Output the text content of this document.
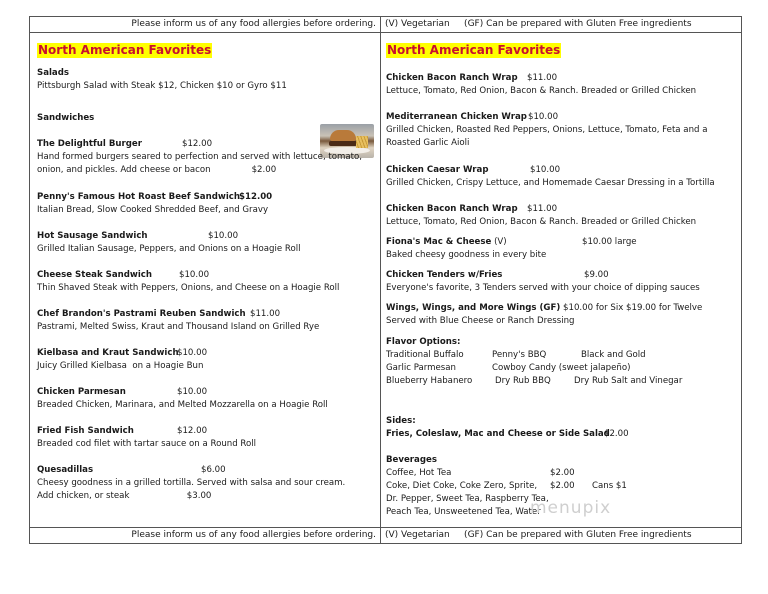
Please inform us of any food allergies before ordering.	(V) Vegetarian     (GF) Can be prepared with Gluten Free ingredients
North American Favorites
Salads
Pittsburgh Salad with Steak $12, Chicken $10 or Gyro $11
Sandwiches
The Delightful Burger	$12.00
Hand formed burgers seared to perfection and served with lettuce, tomato,
onion, and pickles. Add cheese or bacon               $2.00
Penny's Famous Hot Roast Beef Sandwich $12.00
Italian Bread, Slow Cooked Shredded Beef, and Gravy
Hot Sausage Sandwich	$10.00
Grilled Italian Sausage, Peppers, and Onions on a Hoagie Roll
Cheese Steak Sandwich	$10.00
Thin Shaved Steak with Peppers, Onions, and Cheese on a Hoagie Roll
Chef Brandon's Pastrami Reuben Sandwich $11.00
Pastrami, Melted Swiss, Kraut and Thousand Island on Grilled Rye
Kielbasa and Kraut Sandwich
$10.00
Juicy Grilled Kielbasa  on a Hoagie Bun
Chicken Parmesan	$10.00
Breaded Chicken, Marinara, and Melted Mozzarella on a Hoagie Roll
Fried Fish Sandwich	$12.00
Breaded cod filet with tartar sauce on a Round Roll
Quesadillas	$6.00
Cheesy goodness in a grilled tortilla. Served with salsa and sour cream.
Add chicken, or steak                     $3.00
North American Favorites
Chicken Bacon Ranch Wrap $11.00
Lettuce, Tomato, Red Onion, Bacon & Ranch. Breaded or Grilled Chicken
Mediterranean Chicken Wrap $10.00
Grilled Chicken, Roasted Red Peppers, Onions, Lettuce, Tomato, Feta and a
Roasted Garlic Aioli
Chicken Caesar Wrap	$10.00
Grilled Chicken, Crispy Lettuce, and Homemade Caesar Dressing in a Tortilla
Chicken Bacon Ranch Wrap $11.00
Lettuce, Tomato, Red Onion, Bacon & Ranch. Breaded or Grilled Chicken
Fiona's Mac & Cheese (V)	$10.00 large
Baked cheesy goodness in every bite
Chicken Tenders w/Fries	$9.00
Everyone's favorite, 3 Tenders served with your choice of dipping sauces
Wings, Wings, and More Wings (GF) $10.00 for Six $19.00 for Twelve
Served with Blue Cheese or Ranch Dressing
Flavor Options:
Traditional Buffalo	Penny's BBQ	Black and Gold
Garlic Parmesan	Cowboy Candy (sweet jalapeño)
Blueberry Habanero	Dry Rub BBQ	Dry Rub Salt and Vinegar
Sides:
Fries, Coleslaw, Mac and Cheese or Side Salad
$2.00
Beverages
Coffee, Hot Tea	$2.00
Coke, Diet Coke, Coke Zero, Sprite, $2.00 Cans $1
Dr. Pepper, Sweet Tea, Raspberry Tea,
Peach Tea, Unsweetened Tea, Water
Please inform us of any food allergies before ordering.	(V) Vegetarian     (GF) Can be prepared with Gluten Free ingredients
menupix
